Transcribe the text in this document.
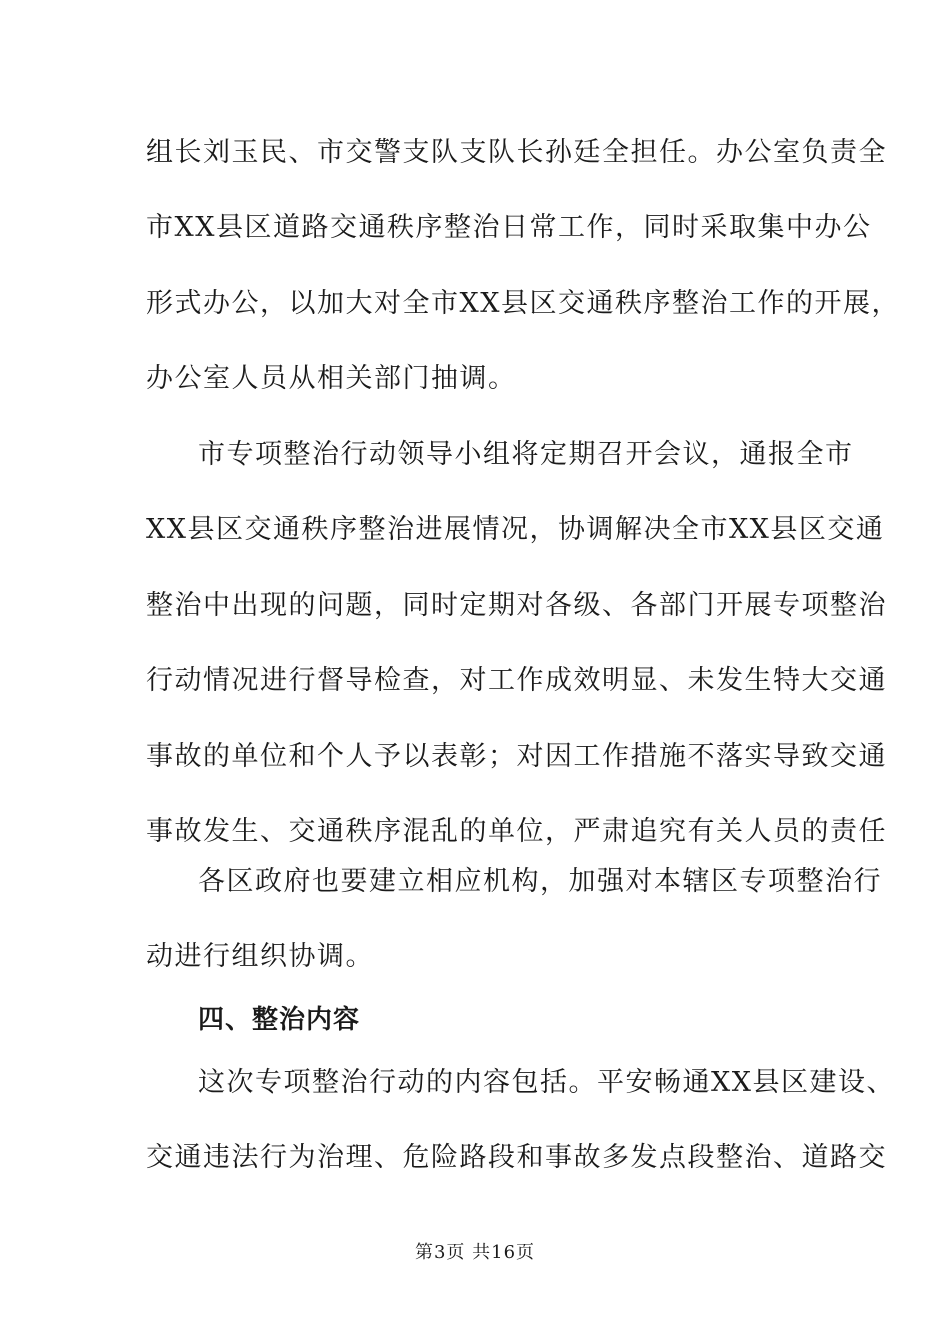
组长刘玉民、市交警支队支队长孙廷全担任。办公室负责全
市XX县区道路交通秩序整治日常工作，同时采取集中办公
形式办公，以加大对全市XX县区交通秩序整治工作的开展，
办公室人员从相关部门抽调。
市专项整治行动领导小组将定期召开会议，通报全市
XX县区交通秩序整治进展情况，协调解决全市XX县区交通
整治中出现的问题，同时定期对各级、各部门开展专项整治
行动情况进行督导检查，对工作成效明显、未发生特大交通
事故的单位和个人予以表彰；对因工作措施不落实导致交通
事故发生、交通秩序混乱的单位，严肃追究有关人员的责任
各区政府也要建立相应机构，加强对本辖区专项整治行
动进行组织协调。
四、整治内容
这次专项整治行动的内容包括。平安畅通XX县区建设、
交通违法行为治理、危险路段和事故多发点段整治、道路交
第3页 共16页
